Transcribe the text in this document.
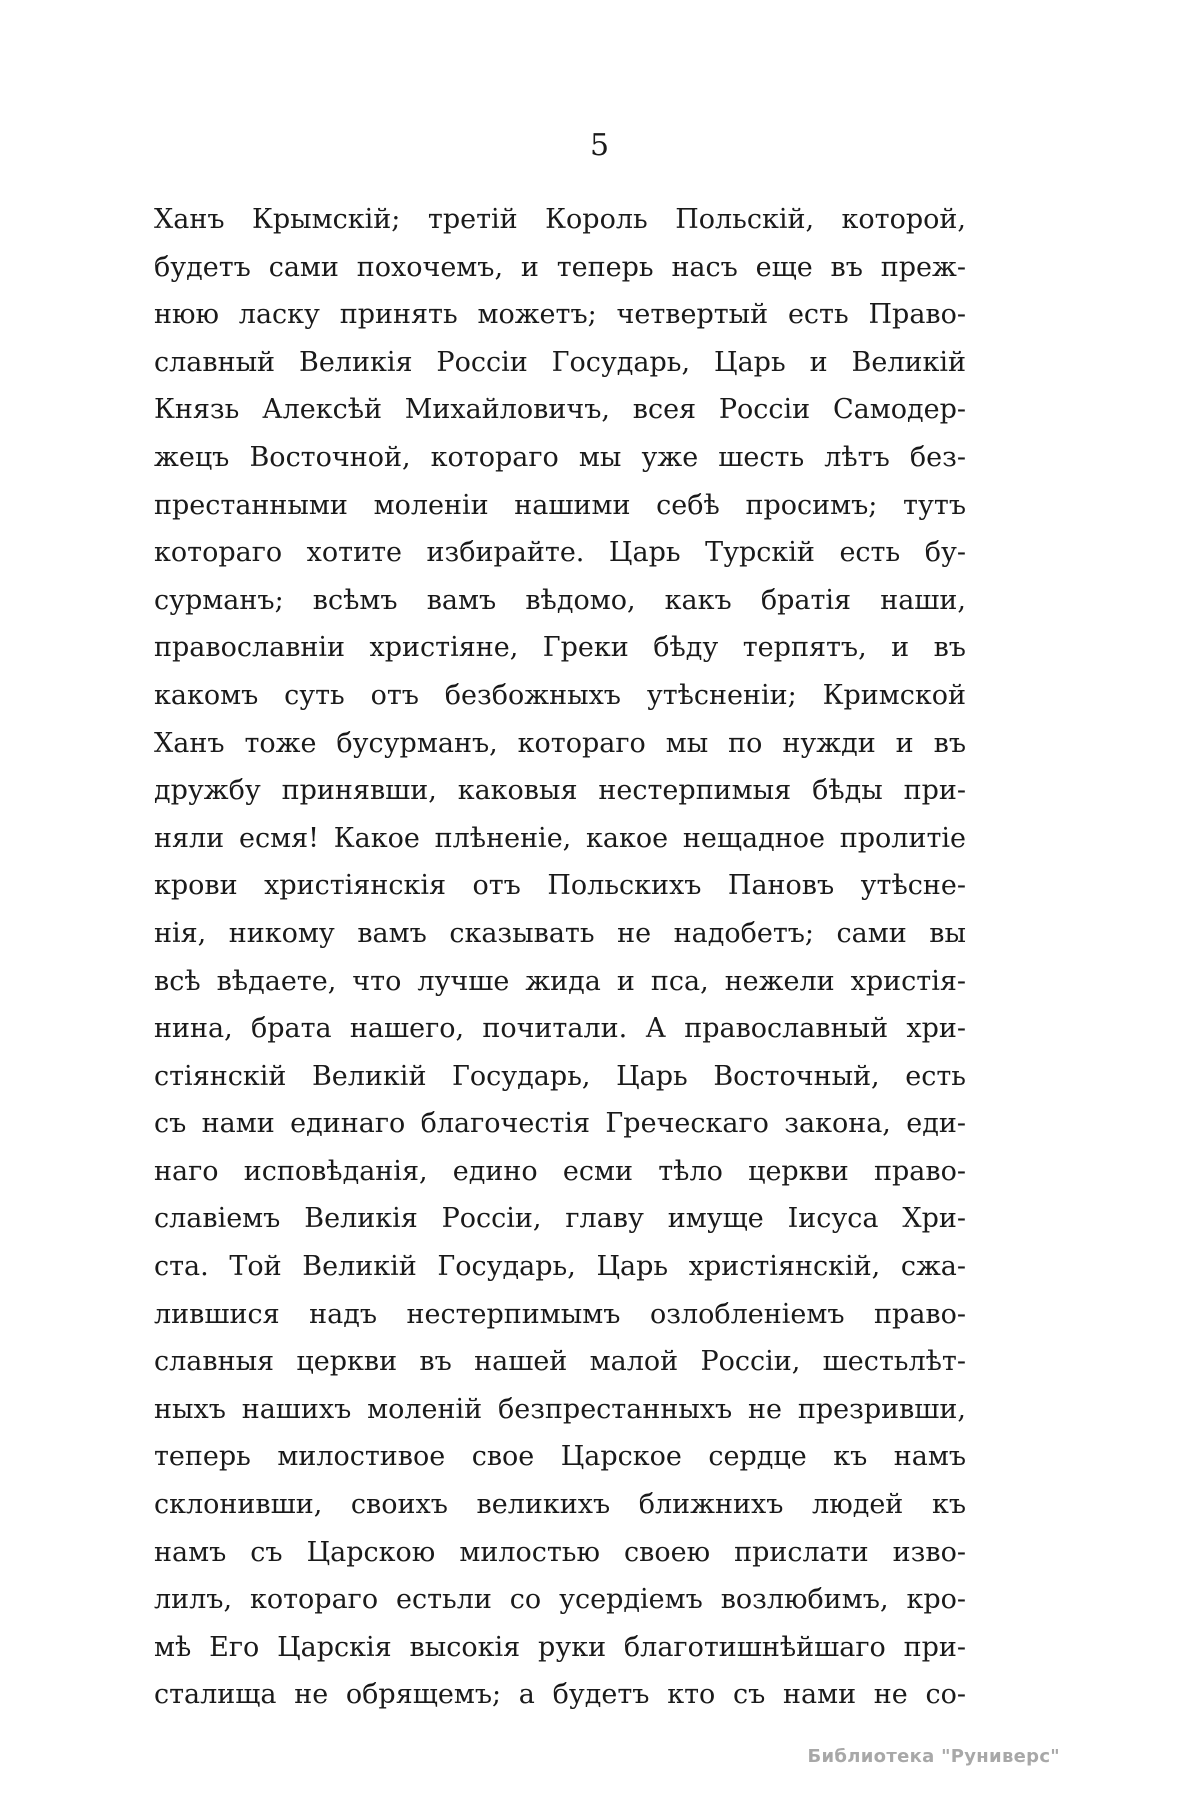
5
Ханъ Крымскій; третій Король Польскій, которой,
будетъ сами похочемъ, и теперь насъ еще въ преж-
нюю ласку принять можетъ; четвертый есть Право-
славный Великія Россіи Государь, Царь и Великій
Князь Алексѣй Михайловичъ, всея Россіи Самодер-
жецъ Восточной, котораго мы уже шесть лѣтъ без-
престанными моленіи нашими себѣ просимъ; тутъ
котораго хотите избирайте. Царь Турскій есть бу-
сурманъ; всѣмъ вамъ вѣдомо, какъ братія наши,
православніи христіяне, Греки бѣду терпятъ, и въ
какомъ суть отъ безбожныхъ утѣсненіи; Кримской
Ханъ тоже бусурманъ, котораго мы по нужди и въ
дружбу принявши, каковыя нестерпимыя бѣды при-
няли есмя! Какое плѣненіе, какое нещадное пролитіе
крови христіянскія отъ Польскихъ Пановъ утѣсне-
нія, никому вамъ сказывать не надобетъ; сами вы
всѣ вѣдаете, что лучше жида и пса, нежели христія-
нина, брата нашего, почитали. А православный хри-
стіянскій Великій Государь, Царь Восточный, есть
съ нами единаго благочестія Греческаго закона, еди-
наго исповѣданія, едино есми тѣло церкви право-
славіемъ Великія Россіи, главу имуще Іисуса Хри-
ста. Той Великій Государь, Царь христіянскій, сжа-
лившися надъ нестерпимымъ озлобленіемъ право-
славныя церкви въ нашей малой Россіи, шестьлѣт-
ныхъ нашихъ моленій безпрестанныхъ не презривши,
теперь милостивое свое Царское сердце къ намъ
склонивши, своихъ великихъ ближнихъ людей къ
намъ съ Царскою милостью своею прислати изво-
лилъ, котораго естьли со усердіемъ возлюбимъ, кро-
мѣ Его Царскія высокія руки благотишнѣйшаго при-
сталища не обрящемъ; а будетъ кто съ нами не со-
Библиотека "Руниверс"
